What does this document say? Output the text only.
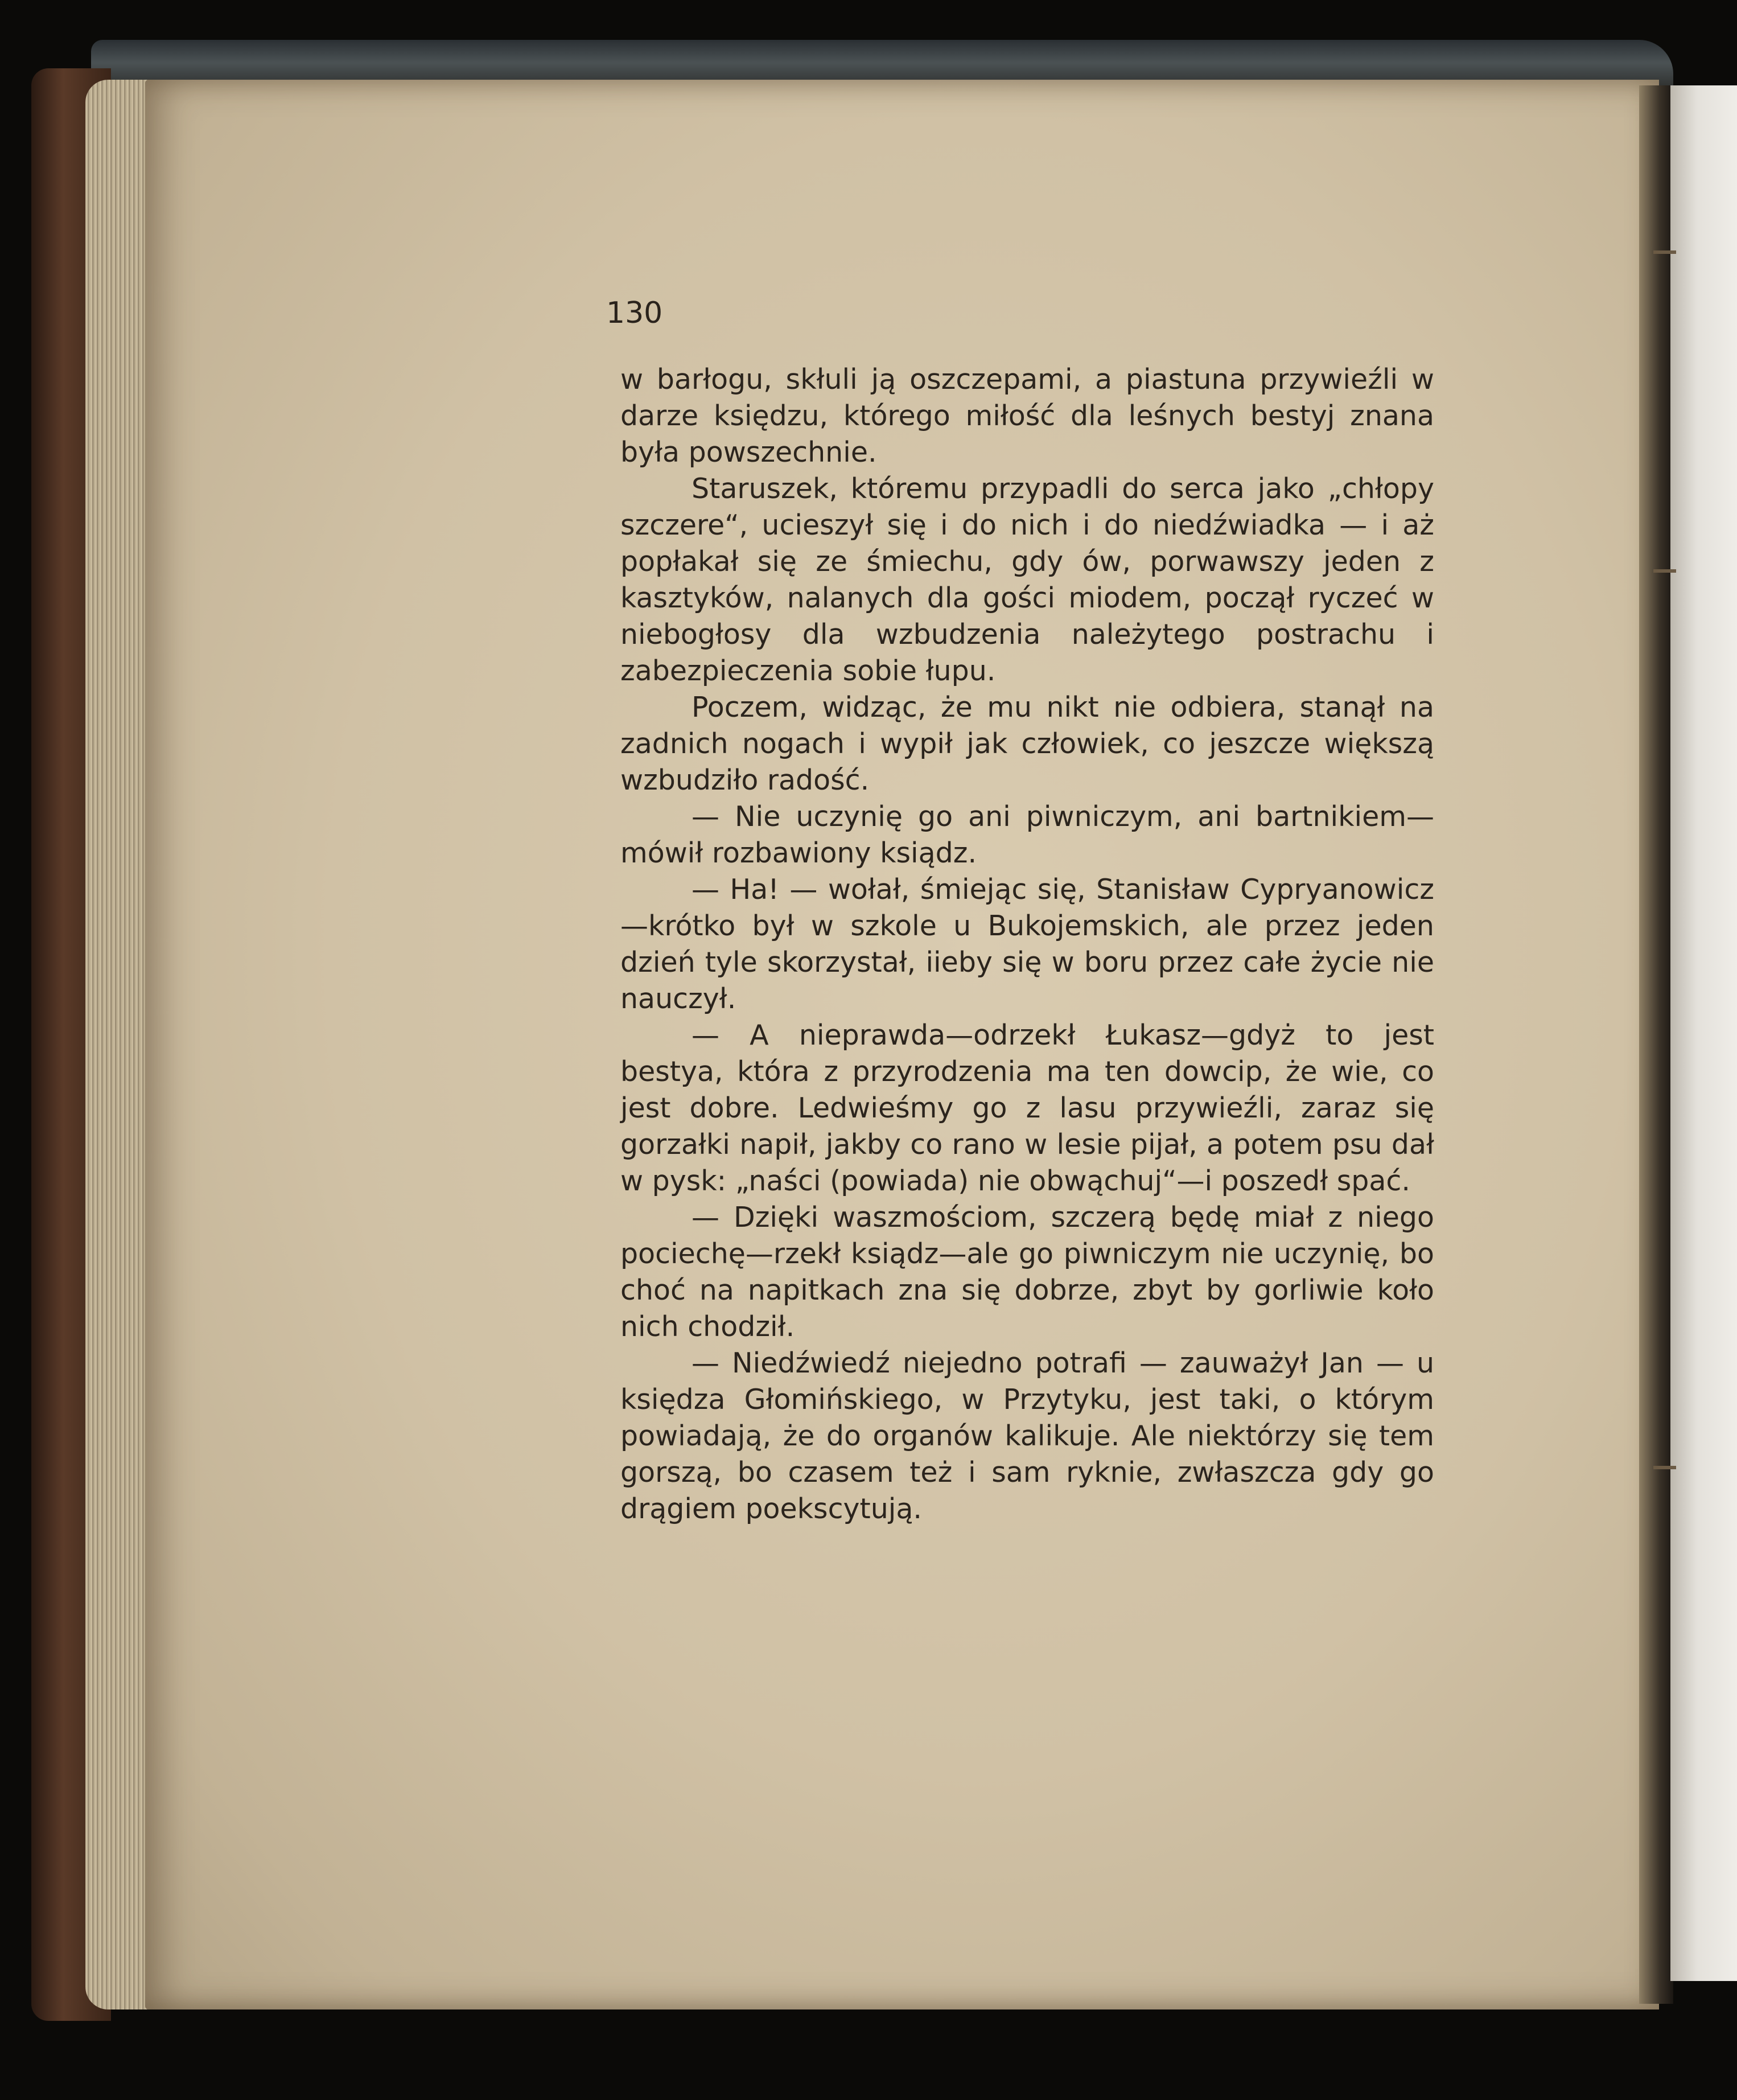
130

w barłogu, skłuli ją oszczepami, a piastuna przywieźli w darze księdzu, którego miłość dla leśnych bestyj znana była powszechnie.

Staruszek, któremu przypadli do serca jako „chłopy szczere“, ucieszył się i do nich i do niedźwiadka — i aż popłakał się ze śmiechu, gdy ów, porwawszy jeden z kasztyków, nalanych dla gości miodem, począł ryczeć w niebogłosy dla wzbudzenia należytego postrachu i zabezpieczenia sobie łupu.

Poczem, widząc, że mu nikt nie odbiera, stanął na zadnich nogach i wypił jak człowiek, co jeszcze większą wzbudziło radość.

— Nie uczynię go ani piwniczym, ani bartnikiem— mówił rozbawiony ksiądz.

— Ha! — wołał, śmiejąc się, Stanisław Cypryanowicz—krótko był w szkole u Bukojemskich, ale przez jeden dzień tyle skorzystał, iieby się w boru przez całe życie nie nauczył.

— A nieprawda—odrzekł Łukasz—gdyż to jest bestya, która z przyrodzenia ma ten dowcip, że wie, co jest dobre. Ledwieśmy go z lasu przywieźli, zaraz się gorzałki napił, jakby co rano w lesie pijał, a potem psu dał w pysk: „naści (powiada) nie obwąchuj“—i poszedł spać.

— Dzięki waszmościom, szczerą będę miał z niego pociechę—rzekł ksiądz—ale go piwniczym nie uczynię, bo choć na napitkach zna się dobrze, zbyt by gorliwie koło nich chodził.

— Niedźwiedź niejedno potrafi — zauważył Jan — u księdza Głomińskiego, w Przytyku, jest taki, o którym powiadają, że do organów kalikuje. Ale niektórzy się tem gorszą, bo czasem też i sam ryknie, zwłaszcza gdy go drągiem poekscytują.
